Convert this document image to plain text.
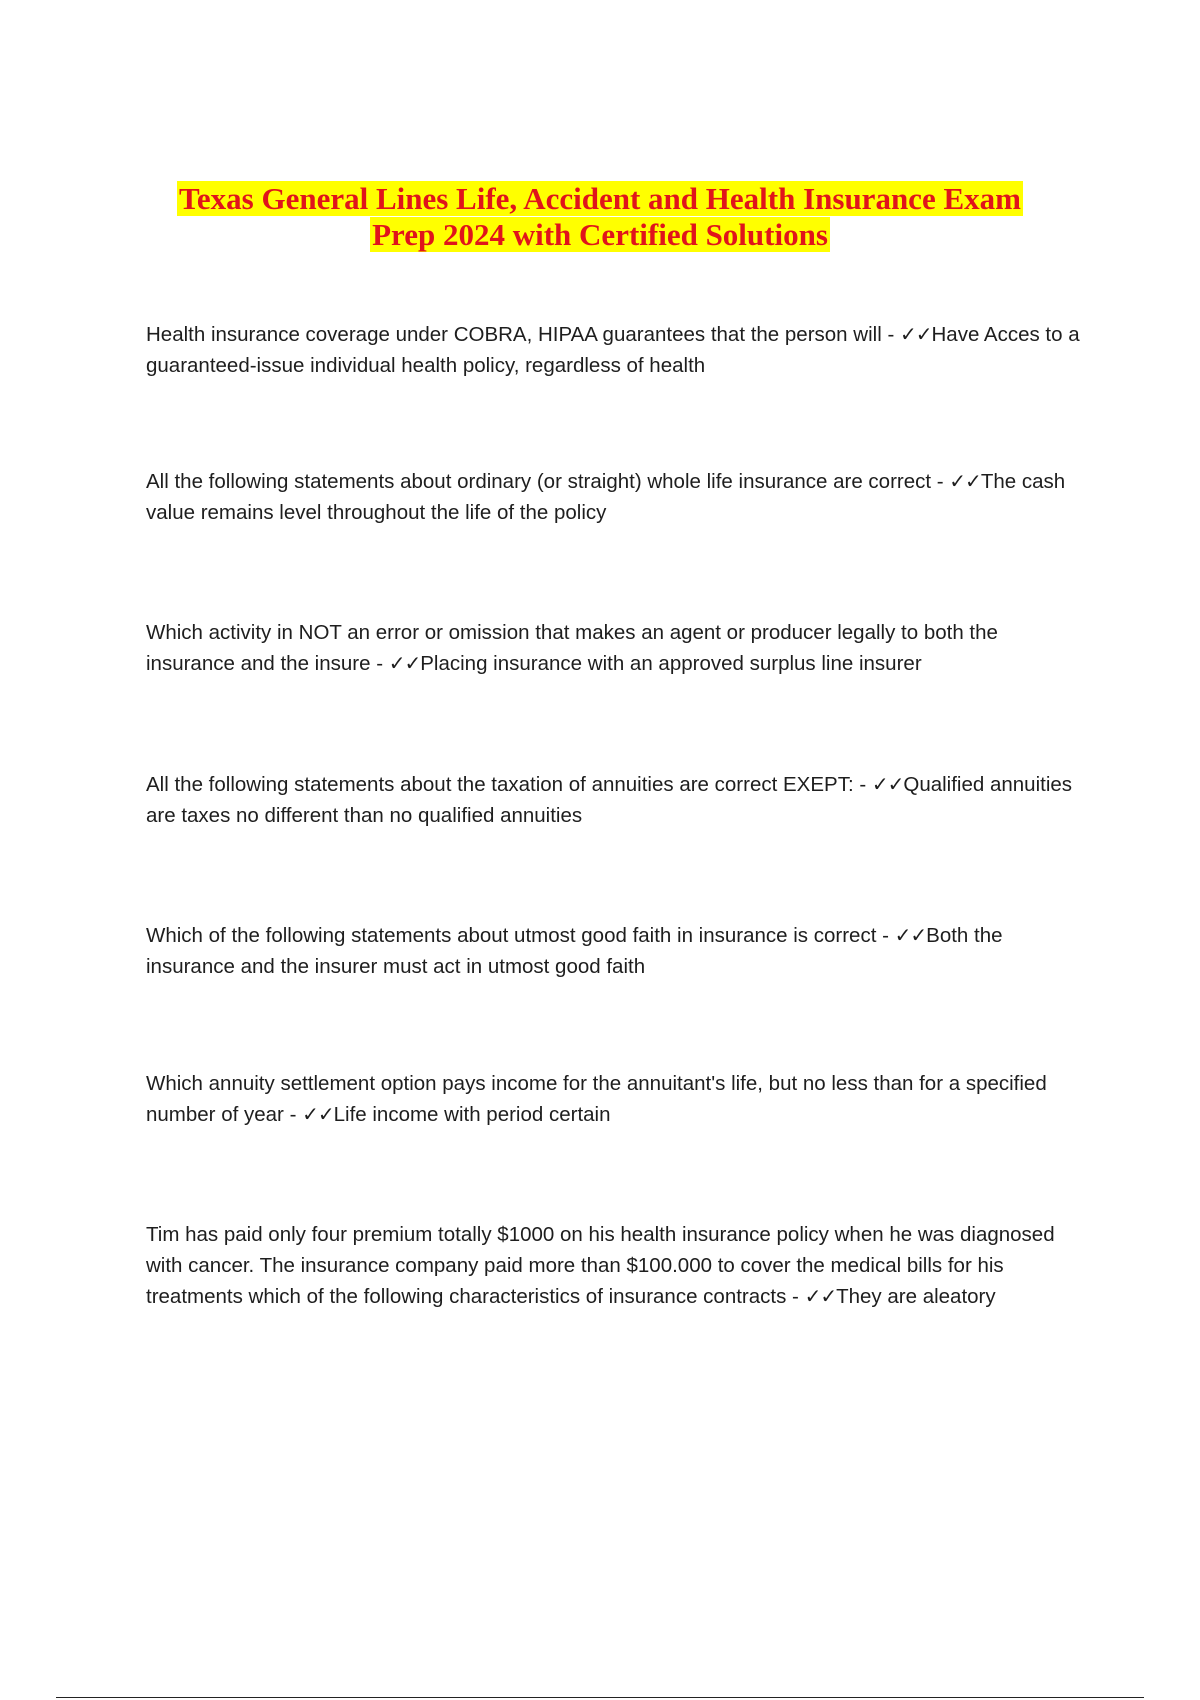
Texas General Lines Life, Accident and Health Insurance Exam
Prep 2024 with Certified Solutions

Health insurance coverage under COBRA, HIPAA guarantees that the person will - ✓✓Have Acces to a guaranteed-issue individual health policy, regardless of health

All the following statements about ordinary (or straight) whole life insurance are correct - ✓✓The cash value remains level throughout the life of the policy

Which activity in NOT an error or omission that makes an agent or producer legally to both the insurance and the insure - ✓✓Placing insurance with an approved surplus line insurer

All the following statements about the taxation of annuities are correct EXEPT: - ✓✓Qualified annuities are taxes no different than no qualified annuities

Which of the following statements about utmost good faith in insurance is correct - ✓✓Both the insurance and the insurer must act in utmost good faith

Which annuity settlement option pays income for the annuitant's life, but no less than for a specified number of year - ✓✓Life income with period certain

Tim has paid only four premium totally $1000 on his health insurance policy when he was diagnosed with cancer. The insurance company paid more than $100.000 to cover the medical bills for his treatments which of the following characteristics of insurance contracts - ✓✓They are aleatory
